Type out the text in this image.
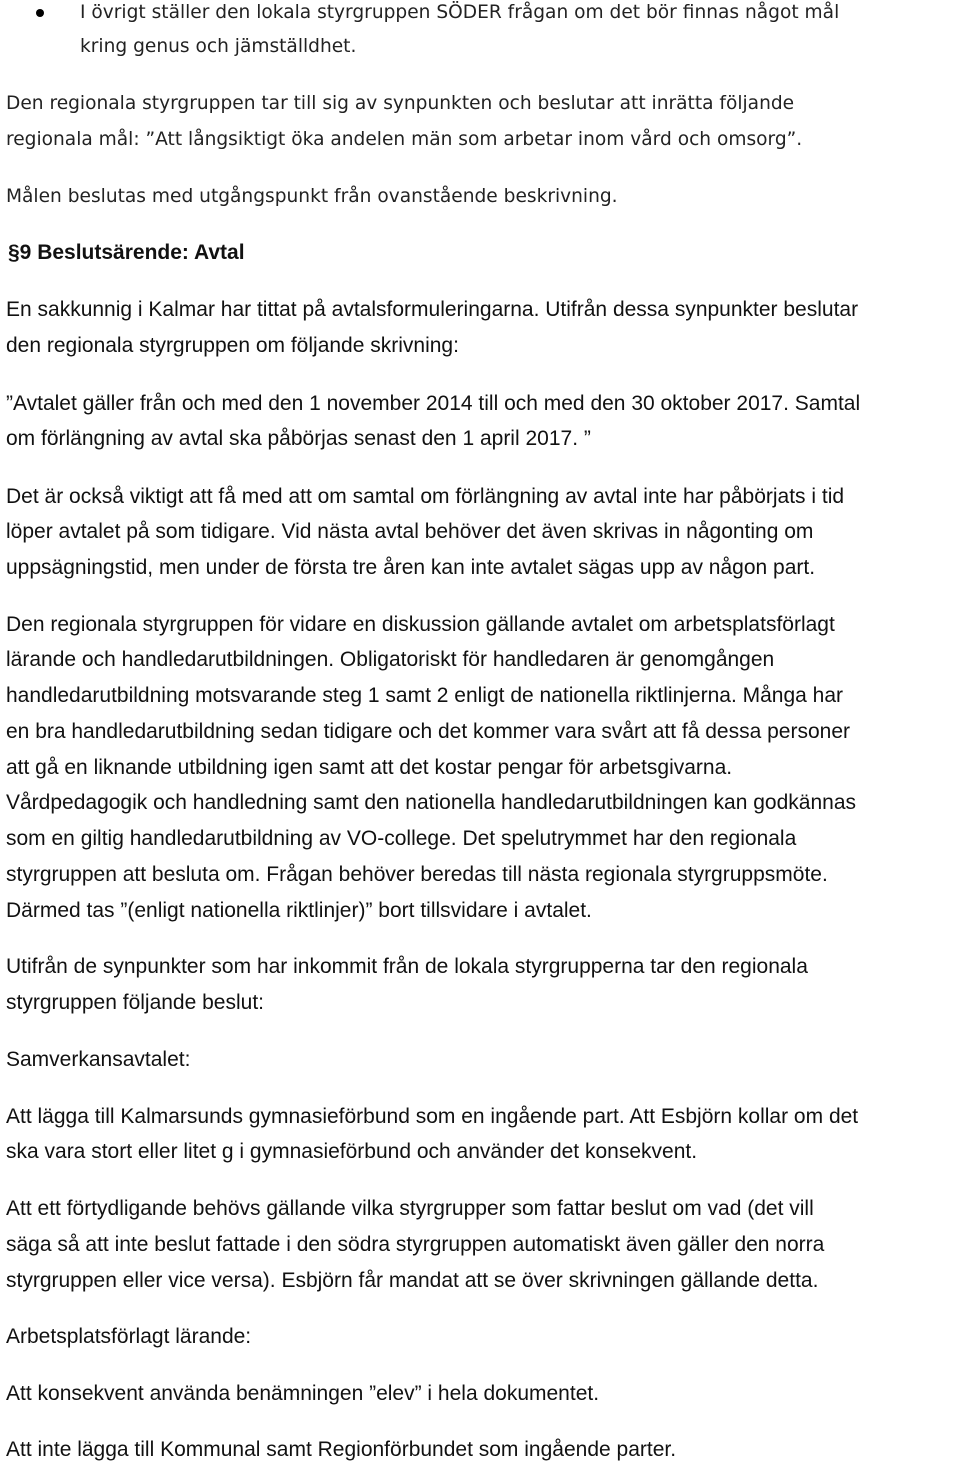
I övrigt ställer den lokala styrgruppen SÖDER frågan om det bör finnas något mål
kring genus och jämställdhet.
Den regionala styrgruppen tar till sig av synpunkten och beslutar att inrätta följande
regionala mål: ”Att långsiktigt öka andelen män som arbetar inom vård och omsorg”.
Målen beslutas med utgångspunkt från ovanstående beskrivning.
§9 Beslutsärende: Avtal
En sakkunnig i Kalmar har tittat på avtalsformuleringarna. Utifrån dessa synpunkter beslutar
den regionala styrgruppen om följande skrivning:
”Avtalet gäller från och med den 1 november 2014 till och med den 30 oktober 2017. Samtal
om förlängning av avtal ska påbörjas senast den 1 april 2017. ”
Det är också viktigt att få med att om samtal om förlängning av avtal inte har påbörjats i tid
löper avtalet på som tidigare. Vid nästa avtal behöver det även skrivas in någonting om
uppsägningstid, men under de första tre åren kan inte avtalet sägas upp av någon part.
Den regionala styrgruppen för vidare en diskussion gällande avtalet om arbetsplatsförlagt
lärande och handledarutbildningen. Obligatoriskt för handledaren är genomgången
handledarutbildning motsvarande steg 1 samt 2 enligt de nationella riktlinjerna. Många har
en bra handledarutbildning sedan tidigare och det kommer vara svårt att få dessa personer
att gå en liknande utbildning igen samt att det kostar pengar för arbetsgivarna.
Vårdpedagogik och handledning samt den nationella handledarutbildningen kan godkännas
som en giltig handledarutbildning av VO-college. Det spelutrymmet har den regionala
styrgruppen att besluta om. Frågan behöver beredas till nästa regionala styrgruppsmöte.
Därmed tas ”(enligt nationella riktlinjer)” bort tillsvidare i avtalet.
Utifrån de synpunkter som har inkommit från de lokala styrgrupperna tar den regionala
styrgruppen följande beslut:
Samverkansavtalet:
Att lägga till Kalmarsunds gymnasieförbund som en ingående part. Att Esbjörn kollar om det
ska vara stort eller litet g i gymnasieförbund och använder det konsekvent.
Att ett förtydligande behövs gällande vilka styrgrupper som fattar beslut om vad (det vill
säga så att inte beslut fattade i den södra styrgruppen automatiskt även gäller den norra
styrgruppen eller vice versa). Esbjörn får mandat att se över skrivningen gällande detta.
Arbetsplatsförlagt lärande:
Att konsekvent använda benämningen ”elev” i hela dokumentet.
Att inte lägga till Kommunal samt Regionförbundet som ingående parter.
